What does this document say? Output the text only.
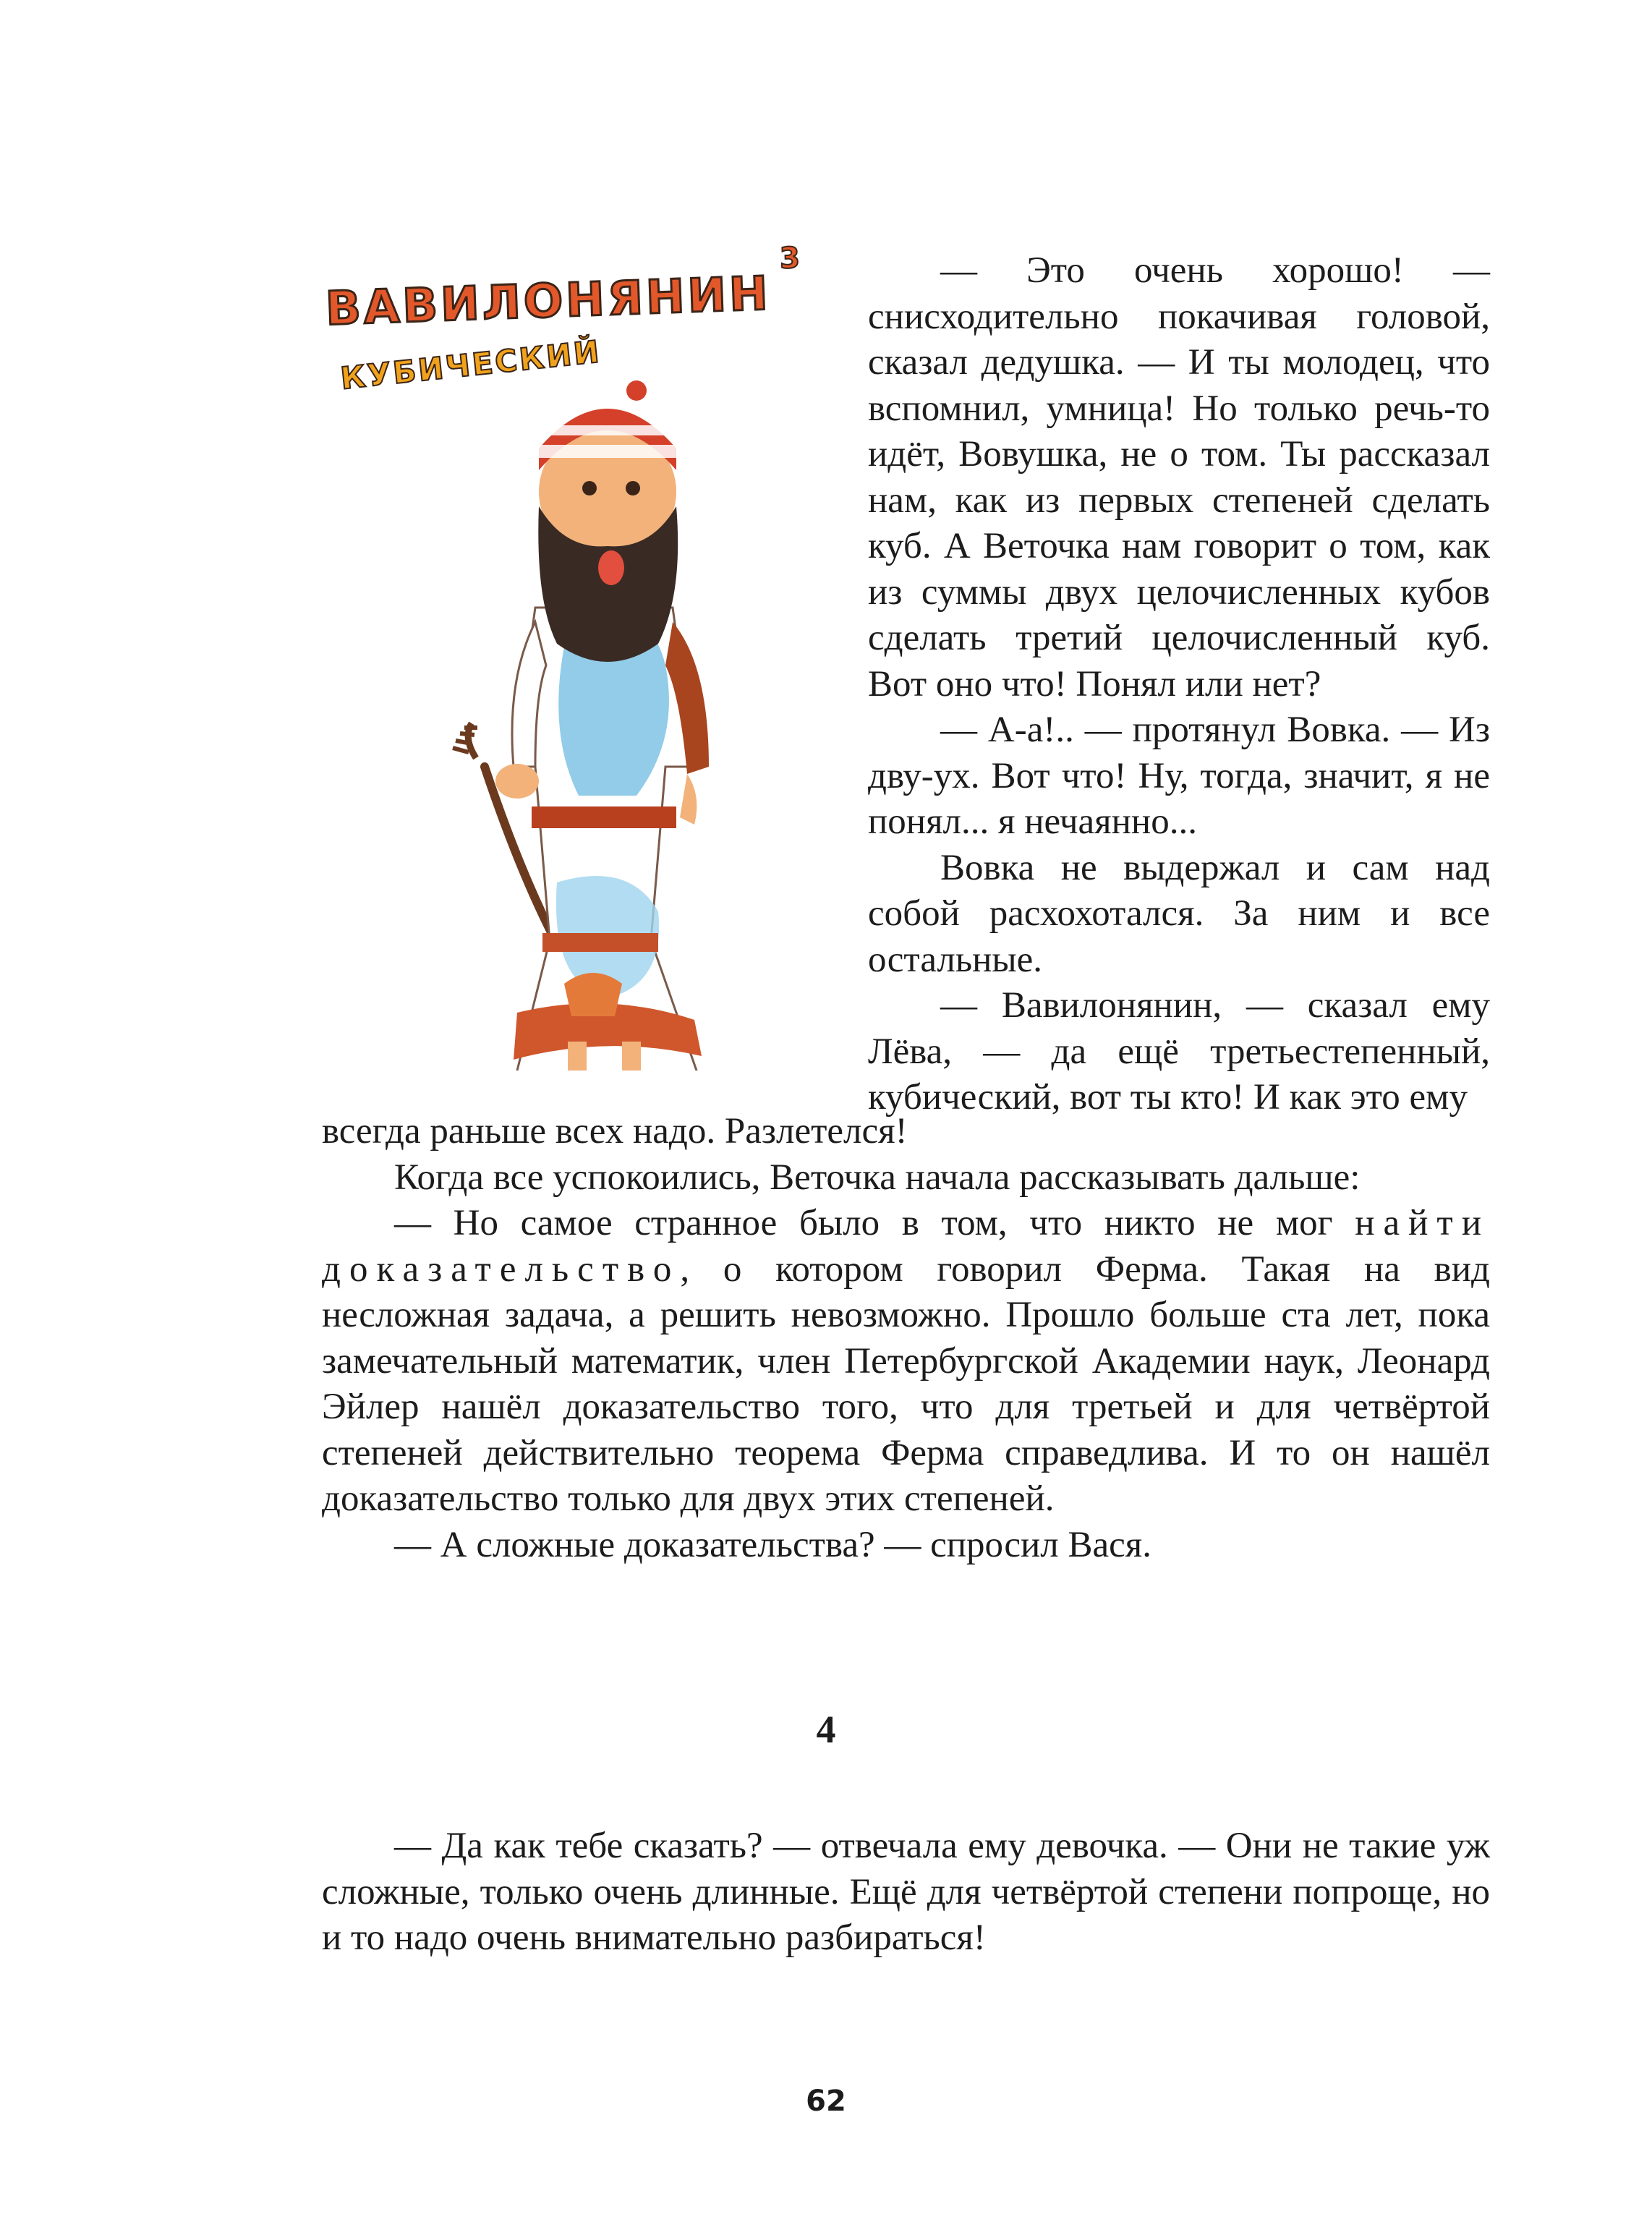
ВАВИЛОНЯНИН
3
КУБИЧЕСКИЙ

— Это очень хорошо! — снисходительно покачивая головой, сказал дедушка. — И ты молодец, что вспомнил, умница! Но только речь-то идёт, Вовушка, не о том. Ты рассказал нам, как из первых степеней сделать куб. А Веточка нам говорит о том, как из суммы двух целочисленных кубов сделать третий целочисленный куб. Вот оно что! Понял или нет?

— А-а!.. — протянул Вовка. — Из дву-ух. Вот что! Ну, тогда, значит, я не понял... я нечаянно...

Вовка не выдержал и сам над собой расхохотался. За ним и все остальные.

— Вавилонянин, — сказал ему Лёва, — да ещё третьестепенный, кубический, вот ты кто! И как это ему

всегда раньше всех надо. Разлетелся!

Когда все успокоились, Веточка начала рассказывать дальше:

— Но самое странное было в том, что никто не мог найти доказательство, о котором говорил Ферма. Такая на вид несложная задача, а решить невозможно. Прошло больше ста лет, пока замечательный математик, член Петербургской Академии наук, Леонард Эйлер нашёл доказательство того, что для третьей и для четвёртой степеней действительно теорема Ферма справедлива. И то он нашёл доказательство только для двух этих степеней.

— А сложные доказательства? — спросил Вася.

4

— Да как тебе сказать? — отвечала ему девочка. — Они не такие уж сложные, только очень длинные. Ещё для четвёртой степени попроще, но и то надо очень внимательно разбираться!

62
